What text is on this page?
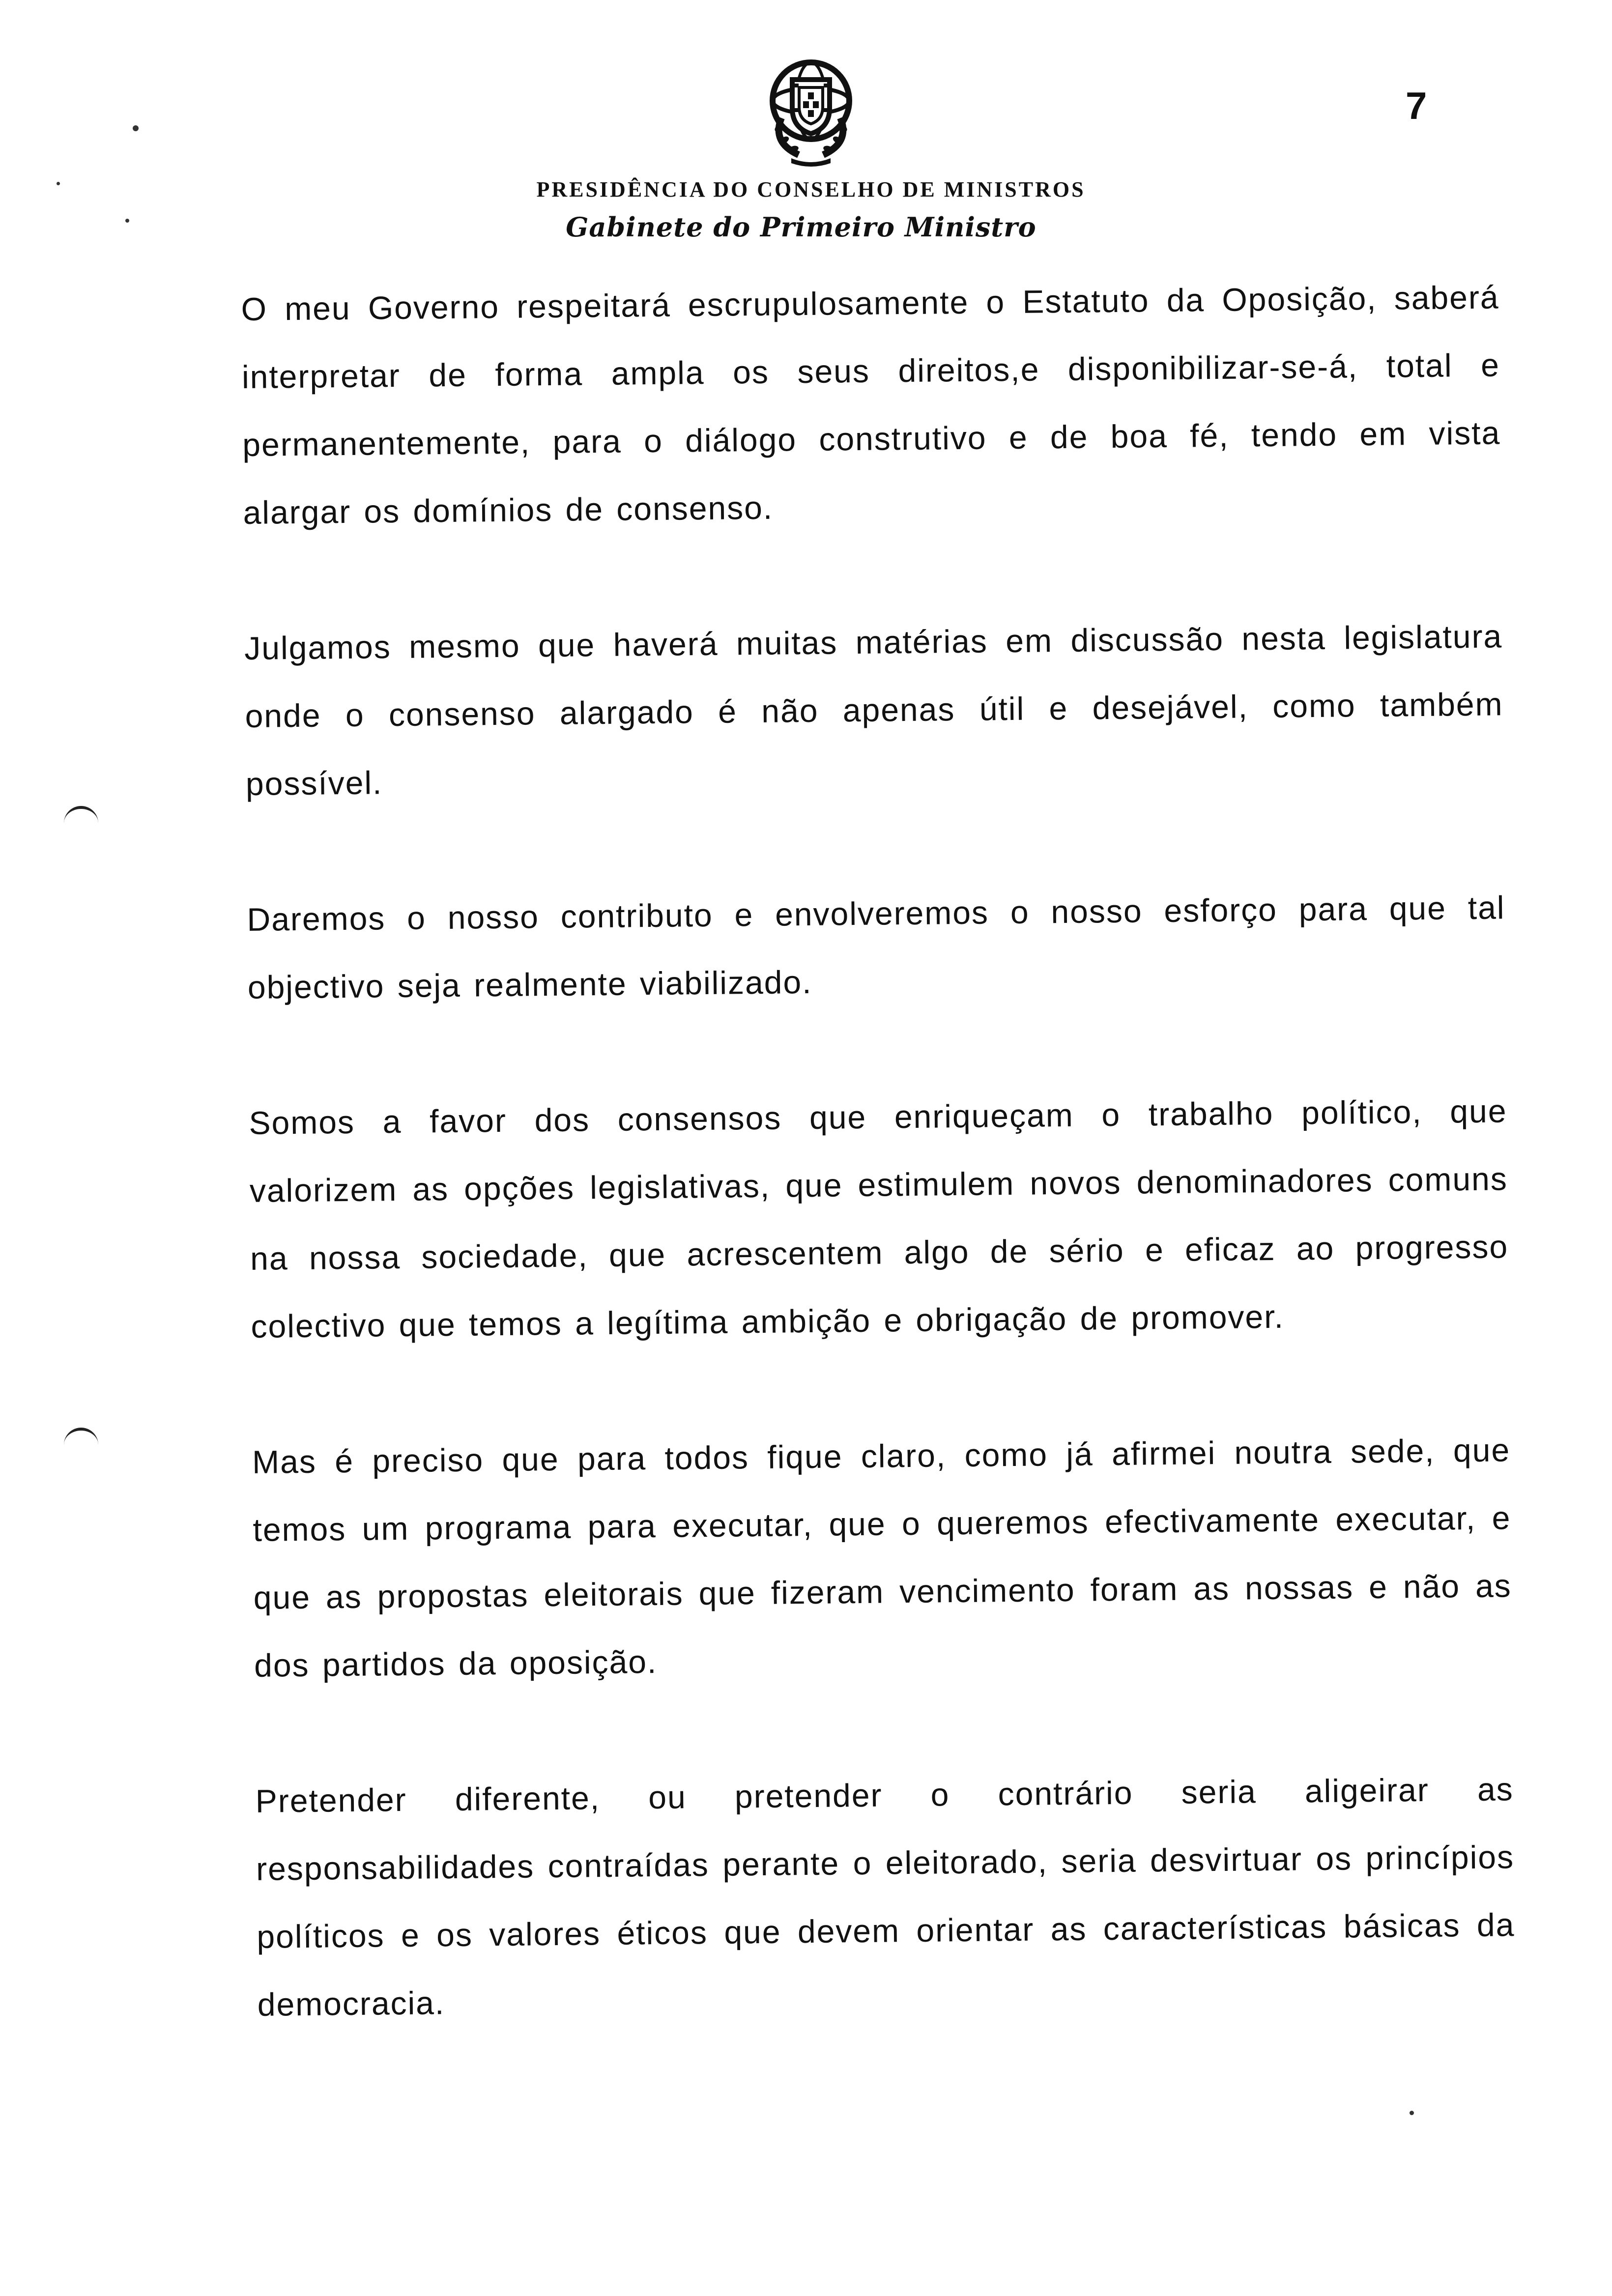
7
PRESIDÊNCIA DO CONSELHO DE MINISTROS
Gabinete do Primeiro Ministro

O meu Governo respeitará escrupulosamente o Estatuto da Oposição, saberá interpretar de forma ampla os seus direitos,e disponibilizar-se-á, total e permanentemente, para o diálogo construtivo e de boa fé, tendo em vista alargar os domínios de consenso.

Julgamos mesmo que haverá muitas matérias em discussão nesta legislatura onde o consenso alargado é não apenas útil e desejável, como também possível.

Daremos o nosso contributo e envolveremos o nosso esforço para que tal objectivo seja realmente viabilizado.

Somos a favor dos consensos que enriqueçam o trabalho político, que valorizem as opções legislativas, que estimulem novos denominadores comuns na nossa sociedade, que acrescentem algo de sério e eficaz ao progresso colectivo que temos a legítima ambição e obrigação de promover.

Mas é preciso que para todos fique claro, como já afirmei noutra sede, que temos um programa para executar, que o queremos efectivamente executar, e que as propostas eleitorais que fizeram vencimento foram as nossas e não as dos partidos da oposição.

Pretender diferente, ou pretender o contrário seria aligeirar as responsabilidades contraídas perante o eleitorado, seria desvirtuar os princípios políticos e os valores éticos que devem orientar as características básicas da democracia.
